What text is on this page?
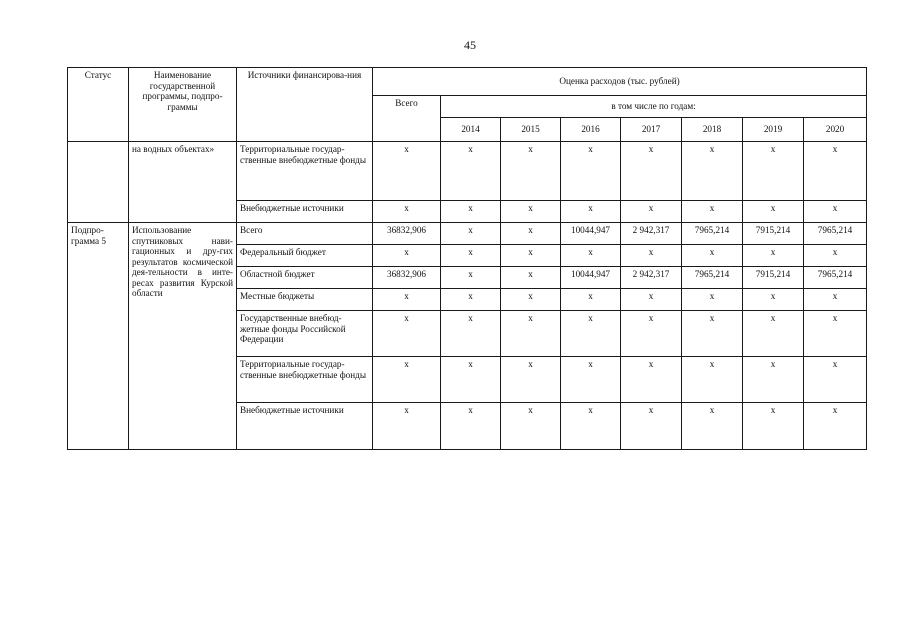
45
Статус	Наименование государственной программы, подпро-граммы	Источники финансирова-ния	Оценка расходов (тыс. рублей)							
			Всего	в том числе по годам:						
				2014	2015	2016	2017	2018	2019	2020
	на водных объектах»	Территориальные государ-ственные внебюджетные фонды	x	x	x	x	x	x	x	x
		Внебюджетные источники	x	x	x	x	x	x	x	x
Подпро-грамма 5	Использование спутниковых нави-гационных и дру-гих результатов космической дея-тельности в инте-ресах развития Курской области	Всего	36832,906	x	x	10044,947	2 942,317	7965,214	7915,214	7965,214
		Федеральный бюджет	x	x	x	x	x	x	x	x
		Областной бюджет	36832,906	x	x	10044,947	2 942,317	7965,214	7915,214	7965,214
		Местные бюджеты	x	x	x	x	x	x	x	x
		Государственные внебюд-жетные фонды Российской Федерации	x	x	x	x	x	x	x	x
		Территориальные государ-ственные внебюджетные фонды	x	x	x	x	x	x	x	x
		Внебюджетные источники	x	x	x	x	x	x	x	x
